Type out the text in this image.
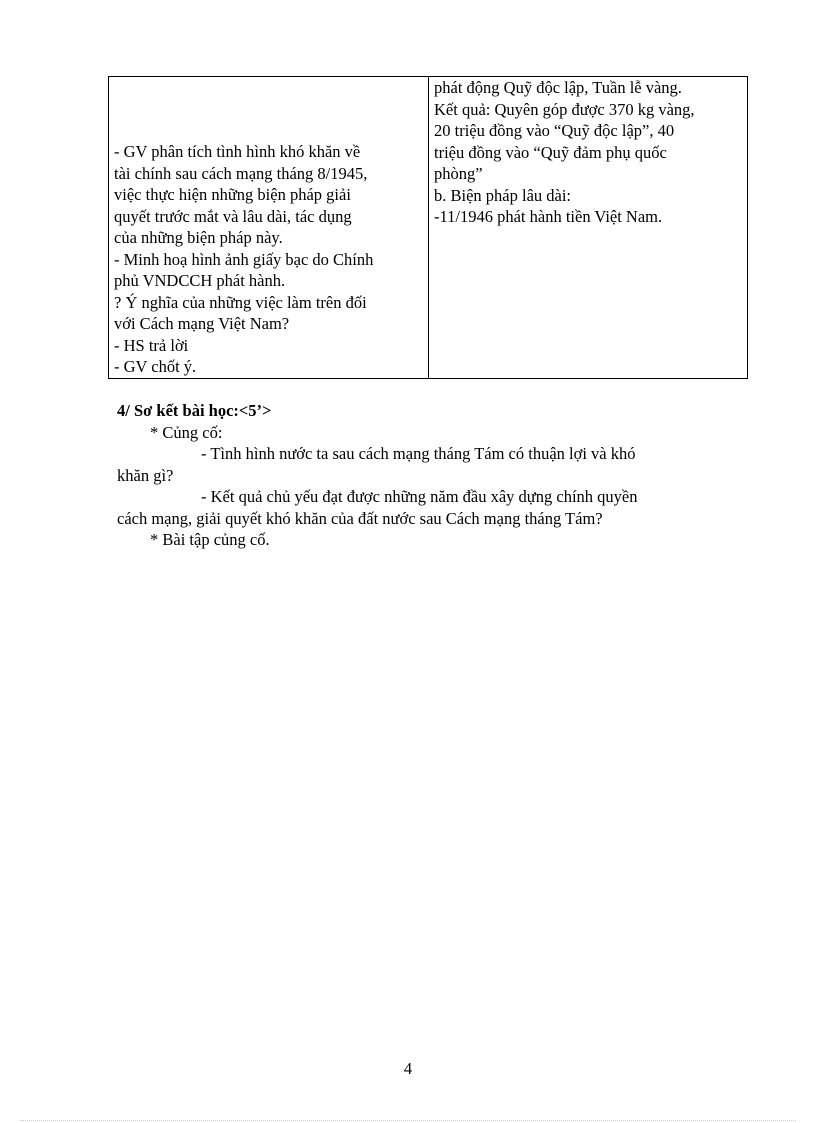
- GV phân tích tình hình khó khăn về
tài chính sau cách mạng tháng 8/1945,
việc thực hiện những biện pháp giải
quyết trước mắt và lâu dài, tác dụng
của những biện pháp này.
- Minh hoạ hình ảnh giấy bạc do Chính
phủ VNDCCH phát hành.
? Ý nghĩa của những việc làm trên đối
với Cách mạng Việt Nam?
- HS trả lời
- GV chốt ý.

phát động Quỹ độc lập, Tuần lễ vàng.
Kết quả: Quyên góp được 370 kg vàng,
20 triệu đồng vào “Quỹ độc lập”, 40
triệu đồng vào “Quỹ đảm phụ quốc
phòng”
b. Biện pháp lâu dài:
-11/1946 phát hành tiền Việt Nam.
4/ Sơ kết bài học:<5’>
* Củng cố:
- Tình hình nước ta sau cách mạng tháng Tám có thuận lợi và khó
khăn gì?
- Kết quả chủ yếu đạt được những năm đầu xây dựng chính quyền
cách mạng, giải quyết khó khăn của đất nước sau Cách mạng tháng Tám?
* Bài tập củng cố.
4
